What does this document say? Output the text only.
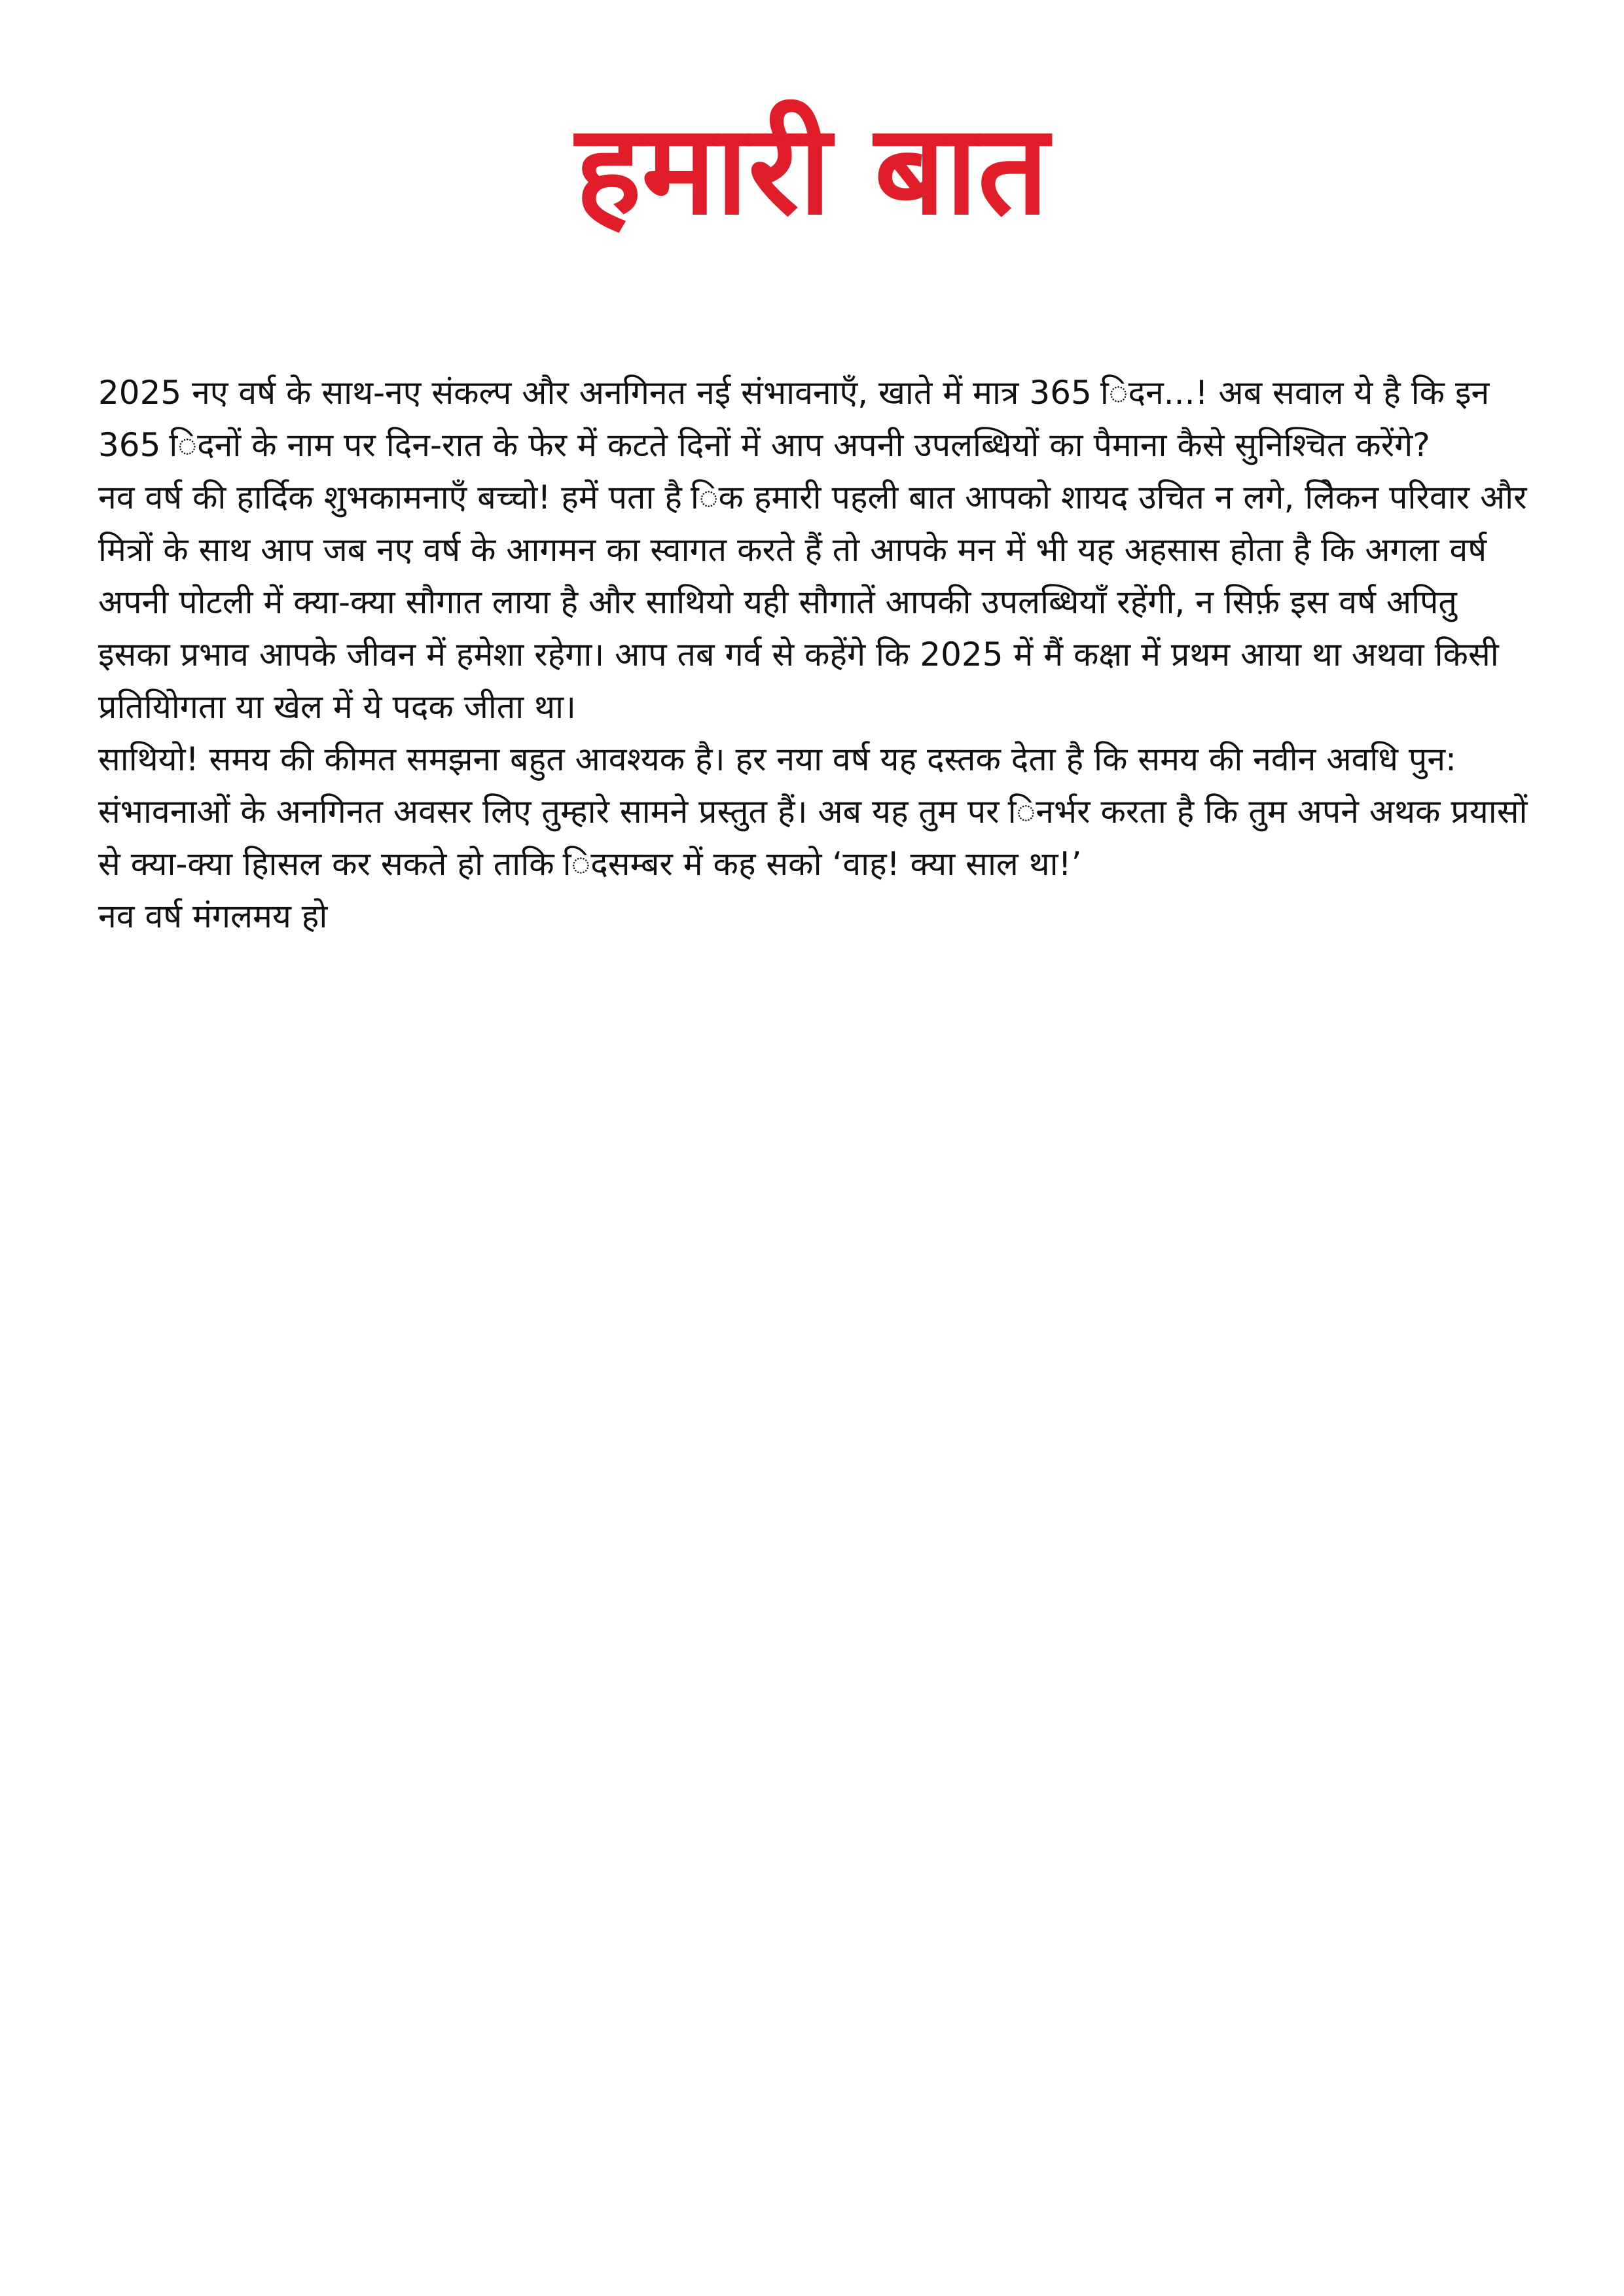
हमारी बात

2025 नए वर्ष के साथ-नए संकल्प और अनगिनत नई संभावनाएँ, खाते में मात्र 365 िदन...! अब सवाल ये है कि इन 365 िदनों के नाम पर दिन-रात के फेर में कटते दिनों में आप अपनी उपलब्धियों का पैमाना कैसे सुनिश्चित करेंगे?

नव वर्ष की हार्दिक शुभकामनाएँ बच्चो! हमें पता है िक हमारी पहली बात आपको शायद उचित न लगे, लेिकन परिवार और मित्रों के साथ आप जब नए वर्ष के आगमन का स्वागत करते हैं तो आपके मन में भी यह अहसास होता है कि अगला वर्ष अपनी पोटली में क्या-क्या सौगात लाया है और साथियो यही सौगातें आपकी उपलब्धियाँ रहेंगी, न सिर्फ़ इस वर्ष अपितु इसका प्रभाव आपके जीवन में हमेशा रहेगा। आप तब गर्व से कहेंगे कि 2025 में मैं कक्षा में प्रथम आया था अथवा किसी प्रतियोिगता या खेल में ये पदक जीता था।

साथियो! समय की कीमत समझना बहुत आवश्यक है। हर नया वर्ष यह दस्तक देता है कि समय की नवीन अवधि पुन: संभावनाओं के अनगिनत अवसर लिए तुम्हारे सामने प्रस्तुत हैं। अब यह तुम पर िनर्भर करता है कि तुम अपने अथक प्रयासों से क्या-क्या हािसल कर सकते हो ताकि िदसम्बर में कह सको ‘वाह! क्या साल था!’

नव वर्ष मंगलमय हो
